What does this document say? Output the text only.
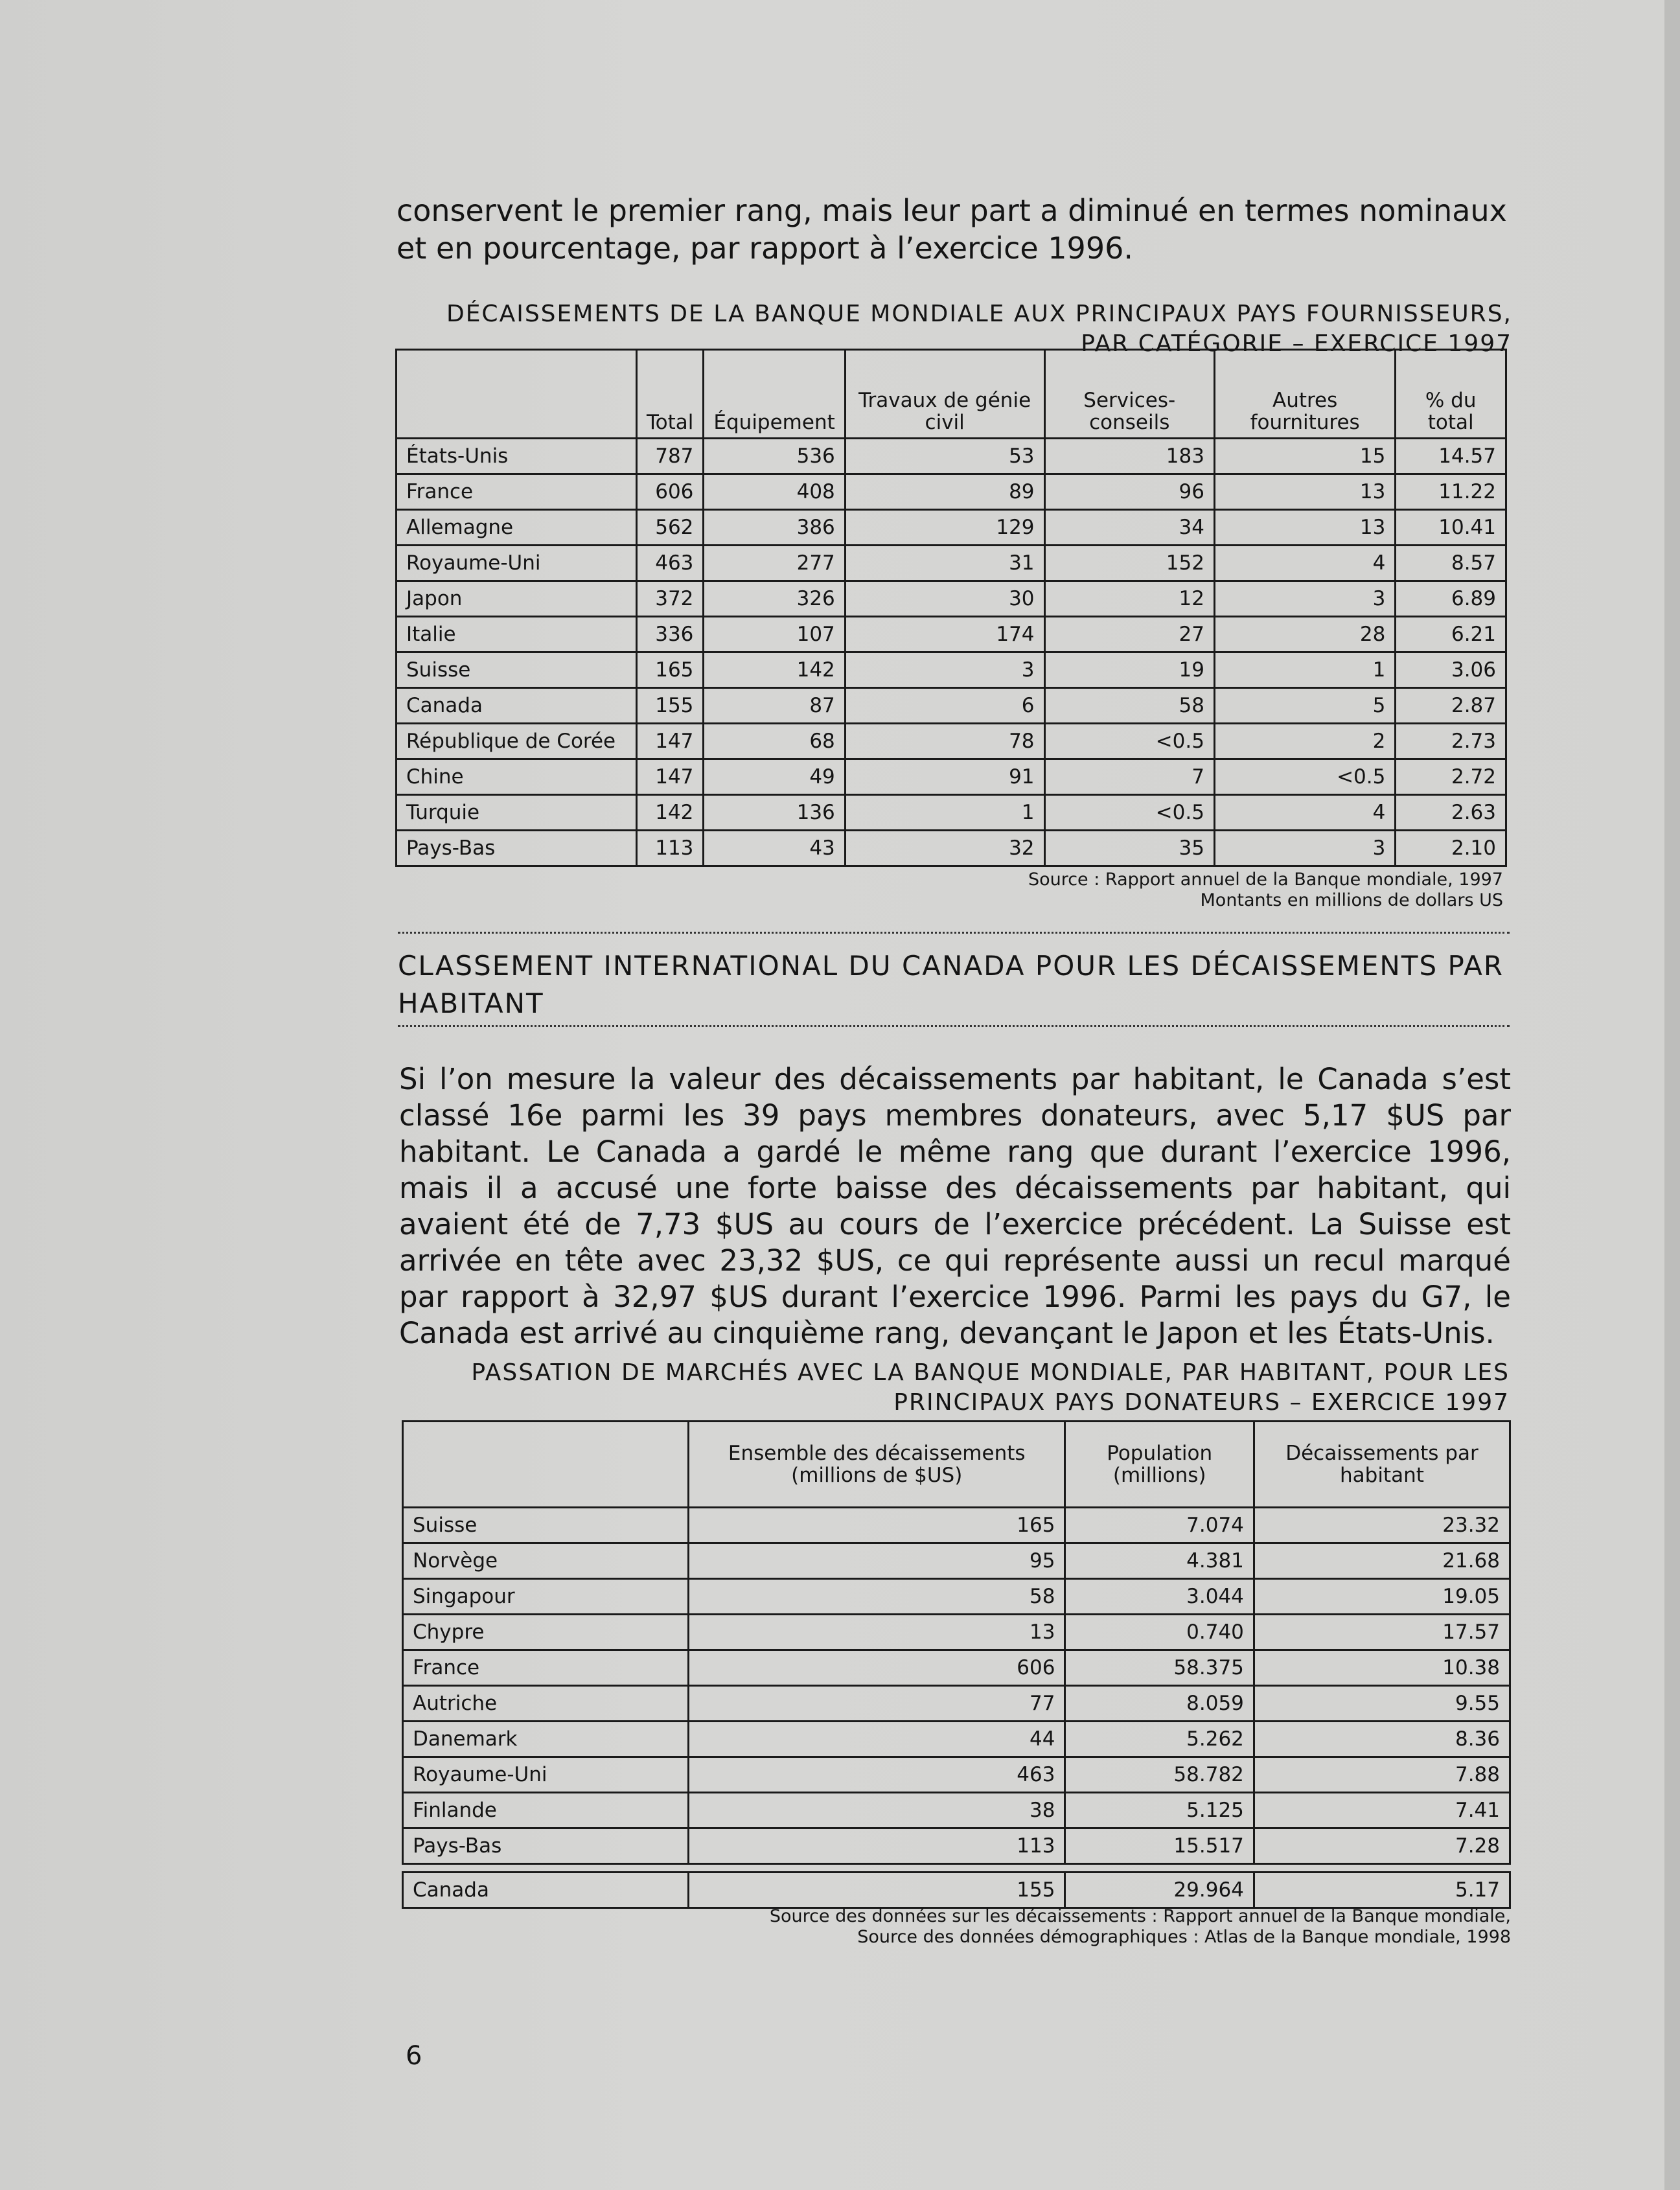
conservent le premier rang, mais leur part a diminué en termes nominaux et en pourcentage, par rapport à l’exercice 1996.

DÉCAISSEMENTS DE LA BANQUE MONDIALE AUX PRINCIPAUX PAYS FOURNISSEURS, PAR CATÉGORIE – EXERCICE 1997
	Total	Équipement	Travaux de génie civil	Services-conseils	Autres fournitures	% du total
États-Unis	787	536	53	183	15	14.57
France	606	408	89	96	13	11.22
Allemagne	562	386	129	34	13	10.41
Royaume-Uni	463	277	31	152	4	8.57
Japon	372	326	30	12	3	6.89
Italie	336	107	174	27	28	6.21
Suisse	165	142	3	19	1	3.06
Canada	155	87	6	58	5	2.87
République de Corée	147	68	78	<0.5	2	2.73
Chine	147	49	91	7	<0.5	2.72
Turquie	142	136	1	<0.5	4	2.63
Pays-Bas	113	43	32	35	3	2.10
Source : Rapport annuel de la Banque mondiale, 1997
Montants en millions de dollars US
CLASSEMENT INTERNATIONAL DU CANADA POUR LES DÉCAISSEMENTS PAR HABITANT

Si l’on mesure la valeur des décaissements par habitant, le Canada s’est classé 16e parmi les 39 pays membres donateurs, avec 5,17 $US par habitant. Le Canada a gardé le même rang que durant l’exercice 1996, mais il a accusé une forte baisse des décaissements par habitant, qui avaient été de 7,73 $US au cours de l’exercice précédent. La Suisse est arrivée en tête avec 23,32 $US, ce qui représente aussi un recul marqué par rapport à 32,97 $US durant l’exercice 1996. Parmi les pays du G7, le Canada est arrivé au cinquième rang, devançant le Japon et les États-Unis.

PASSATION DE MARCHÉS AVEC LA BANQUE MONDIALE, PAR HABITANT, POUR LES PRINCIPAUX PAYS DONATEURS – EXERCICE 1997
	Ensemble des décaissements (millions de $US)	Population (millions)	Décaissements par habitant
Suisse	165	7.074	23.32
Norvège	95	4.381	21.68
Singapour	58	3.044	19.05
Chypre	13	0.740	17.57
France	606	58.375	10.38
Autriche	77	8.059	9.55
Danemark	44	5.262	8.36
Royaume-Uni	463	58.782	7.88
Finlande	38	5.125	7.41
Pays-Bas	113	15.517	7.28

Canada	155	29.964	5.17
Source des données sur les décaissements : Rapport annuel de la Banque mondiale,
Source des données démographiques : Atlas de la Banque mondiale, 1998

6
